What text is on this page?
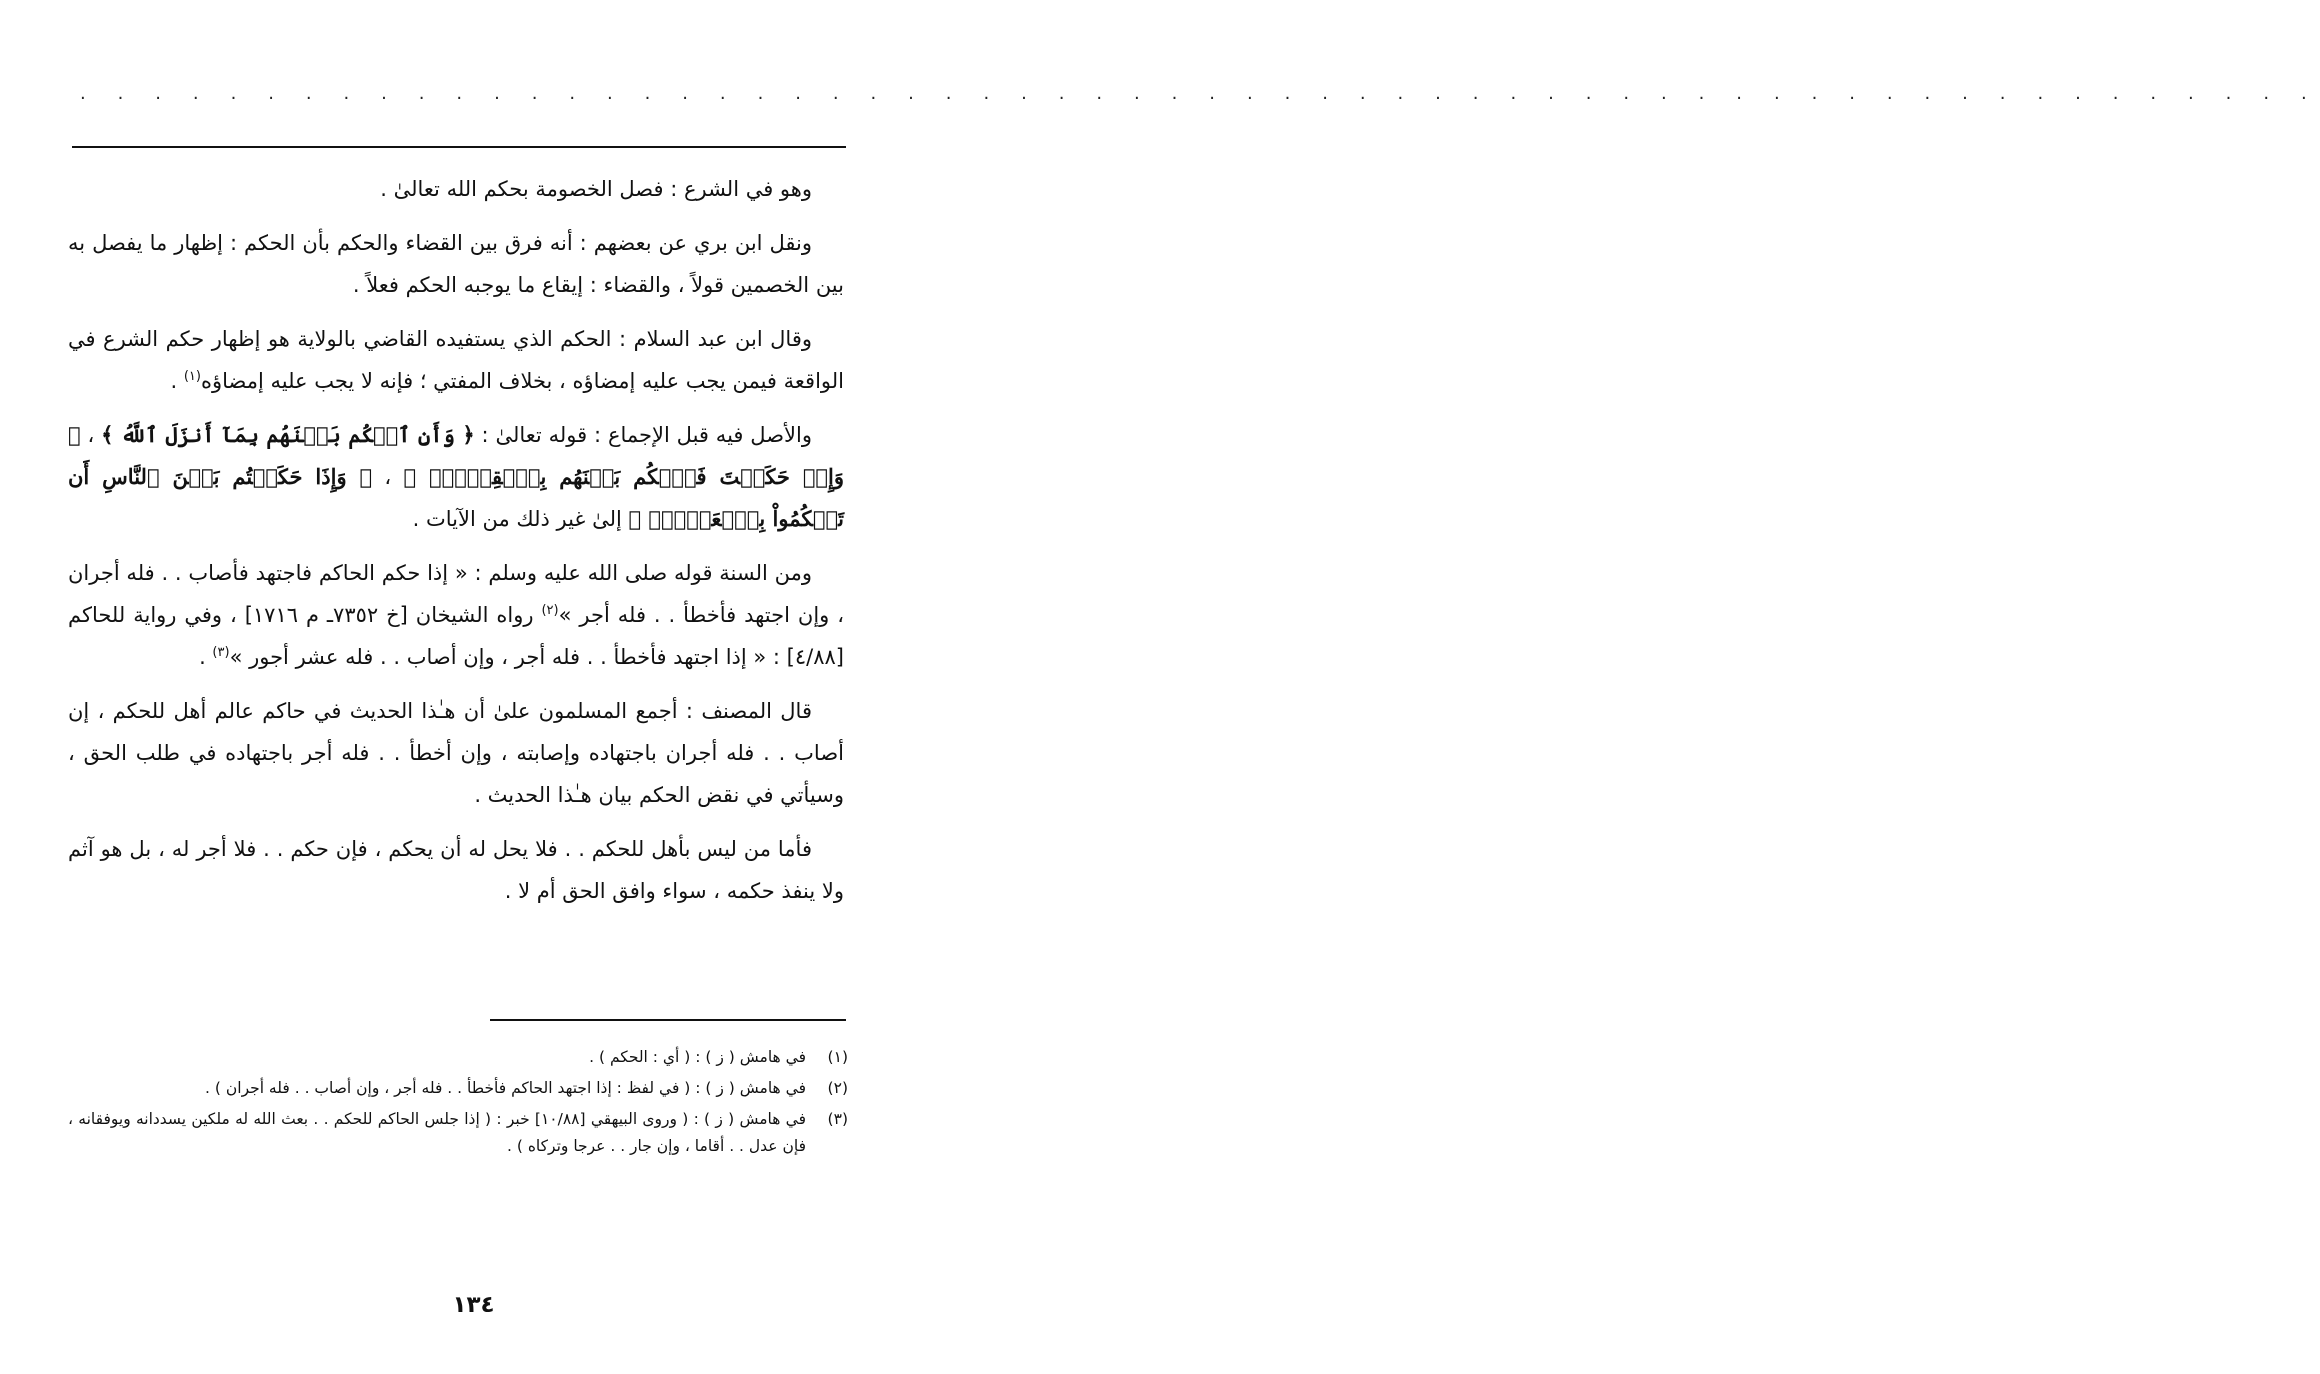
. . . . . . . . . . . . . . . . . . . . . . . . . . . . . . . . . . . . . . . . . . . . . . . . . . . . . . . . . . . .

وهو في الشرع : فصل الخصومة بحكم الله تعالىٰ .

ونقل ابن بري عن بعضهم : أنه فرق بين القضاء والحكم بأن الحكم : إظهار ما يفصل به بين الخصمين قولاً ، والقضاء : إيقاع ما يوجبه الحكم فعلاً .

وقال ابن عبد السلام : الحكم الذي يستفيده القاضي بالولاية هو إظهار حكم الشرع في الواقعة فيمن يجب عليه إمضاؤه ، بخلاف المفتي ؛ فإنه لا يجب عليه إمضاؤه$^{(١)}$ .

والأصل فيه قبل الإجماع : قوله تعالىٰ : ﴿ وَأَنِ ٱحۡكُم بَيۡنَهُم بِمَآ أَنزَلَ ٱللَّهُ ﴾ ، ﴿ وَإِنۡ حَكَمۡتَ فَٱحۡكُم بَيۡنَهُم بِٱلۡقِسۡطِۚ ﴾ ، ﴿ وَإِذَا حَكَمۡتُم بَيۡنَ ٱلنَّاسِ أَن تَحۡكُمُواْ بِٱلۡعَدۡلِۚ ﴾ إلىٰ غير ذلك من الآيات .

ومن السنة قوله صلى الله عليه وسلم : « إذا حكم الحاكم فاجتهد فأصاب . . فله أجران ، وإن اجتهد فأخطأ . . فله أجر »$^{(٢)}$ رواه الشيخان [خ ٧٣٥٢ـ م ١٧١٦] ، وفي رواية للحاكم [٤/٨٨] : « إذا اجتهد فأخطأ . . فله أجر ، وإن أصاب . . فله عشر أجور »$^{(٣)}$ .

قال المصنف : أجمع المسلمون علىٰ أن هـٰذا الحديث في حاكم عالم أهل للحكم ، إن أصاب . . فله أجران باجتهاده وإصابته ، وإن أخطأ . . فله أجر باجتهاده في طلب الحق ، وسيأتي في نقض الحكم بيان هـٰذا الحديث .

فأما من ليس بأهل للحكم . . فلا يحل له أن يحكم ، فإن حكم . . فلا أجر له ، بل هو آثم ولا ينفذ حكمه ، سواء وافق الحق أم لا .

(١)
في هامش ( ز ) : ( أي : الحكم ) .
(٢)
في هامش ( ز ) : ( في لفظ : إذا اجتهد الحاكم فأخطأ . . فله أجر ، وإن أصاب . . فله أجران ) .
(٣)
في هامش ( ز ) : ( وروى البيهقي [١٠/٨٨] خبر : ( إذا جلس الحاكم للحكم . . بعث الله له ملكين يسددانه ويوفقانه ، فإن عدل . . أقاما ، وإن جار . . عرجا وتركاه ) .
١٣٤
